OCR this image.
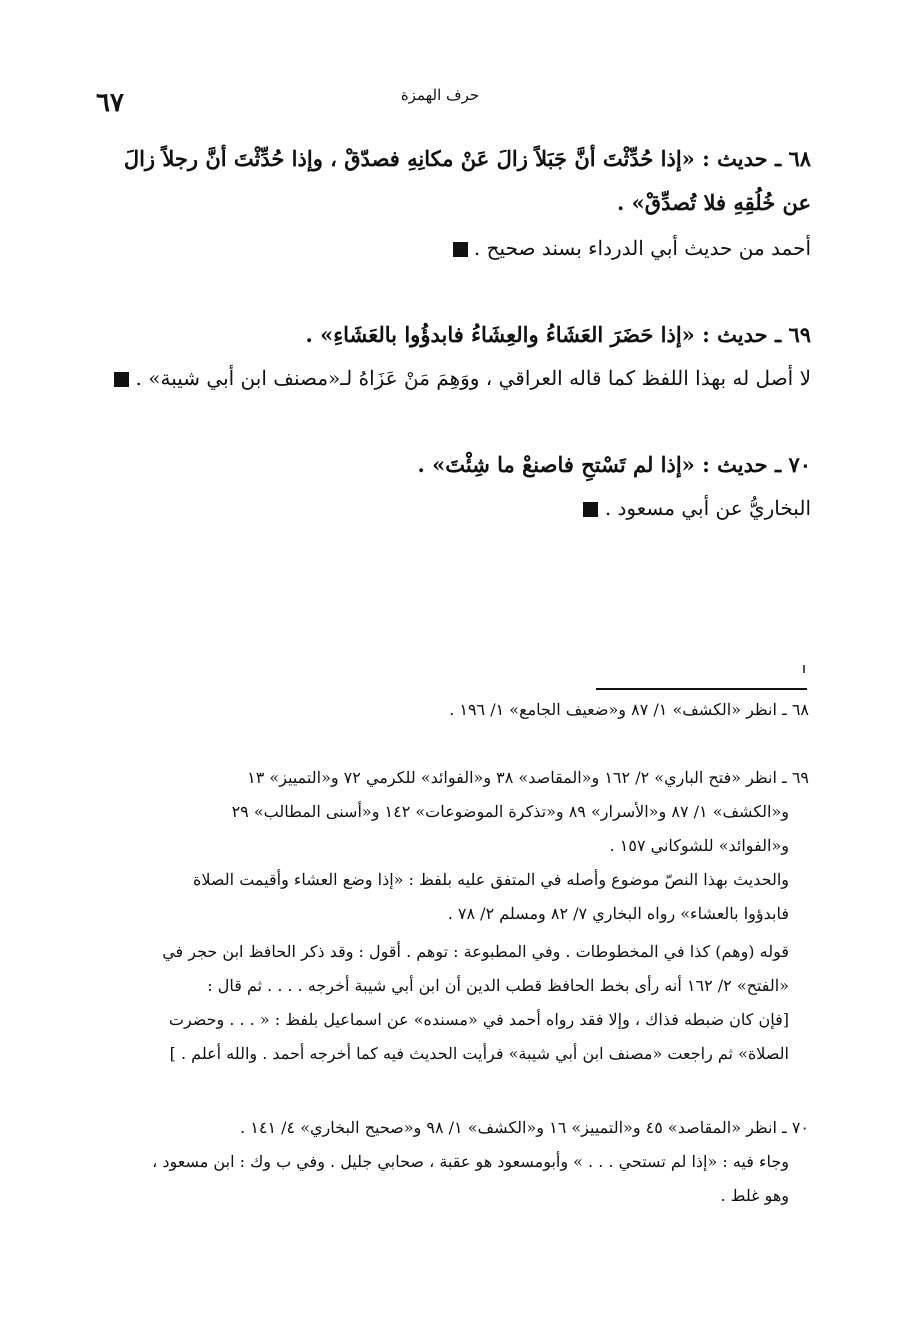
حرف الهمزة
٦٧
٦٨ ـ حديث : «إذا حُدِّثْتَ أنَّ جَبَلاً زالَ عَنْ مكانِهِ فصدّقْ ، وإذا حُدِّثْتَ أنَّ رجلاً زالَ
عن خُلُقِهِ فلا تُصدِّقْ» .
أحمد من حديث أبي الدرداء بسند صحيح .
٦٩ ـ حديث : «إذا حَضَرَ العَشَاءُ والعِشَاءُ فابدؤُوا بالعَشَاءِ» .
لا أصل له بهذا اللفظ كما قاله العراقي ، ووَهِمَ مَنْ عَزَاهُ لـ«مصنف ابن أبي شيبة» .
٧٠ ـ حديث : «إذا لم تَسْتحِ فاصنعْ ما شِئْتَ» .
البخاريُّ عن أبي مسعود .
٦٨ ـ انظر «الكشف» ١/ ٨٧ و«ضعيف الجامع» ١/ ١٩٦ .
٦٩ ـ انظر «فتح الباري» ٢/ ١٦٢ و«المقاصد» ٣٨ و«الفوائد» للكرمي ٧٢ و«التمييز» ١٣
و«الكشف» ١/ ٨٧ و«الأسرار» ٨٩ و«تذكرة الموضوعات» ١٤٢ و«أسنى المطالب» ٢٩
و«الفوائد» للشوكاني ١٥٧ .
والحديث بهذا النصّ موضوع وأصله في المتفق عليه بلفظ : «إذا وضع العشاء وأقيمت الصلاة
فابدؤوا بالعشاء» رواه البخاري ٧/ ٨٢ ومسلم ٢/ ٧٨ .
قوله (وهم) كذا في المخطوطات . وفي المطبوعة : توهم . أقول : وقد ذكر الحافظ ابن حجر في
«الفتح» ٢/ ١٦٢ أنه رأى بخط الحافظ قطب الدين أن ابن أبي شيبة أخرجه . . . . ثم قال :
[فإن كان ضبطه فذاك ، وإلا فقد رواه أحمد في «مسنده» عن اسماعيل بلفظ : « . . . وحضرت
الصلاة» ثم راجعت «مصنف ابن أبي شيبة» فرأيت الحديث فيه كما أخرجه أحمد . والله أعلم . ]
٧٠ ـ انظر «المقاصد» ٤٥ و«التمييز» ١٦ و«الكشف» ١/ ٩٨ و«صحيح البخاري» ٤/ ١٤١ .
وجاء فيه : «إذا لم تستحي . . . » وأبومسعود هو عقبة ، صحابي جليل . وفي ب وك : ابن مسعود ،
وهو غلط .
